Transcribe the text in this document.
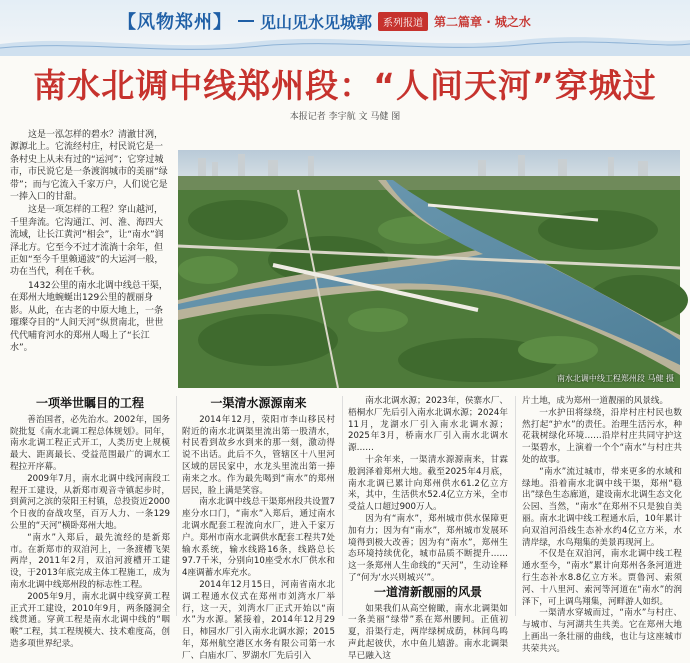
【风物郑州】 见山见水见城郭	系列报道 第二篇章 · 城之水
南水北调中线郑州段：“人间天河”穿城过
本报记者 李宇航 文 马健 图

这是一泓怎样的碧水？清澈甘冽，源源北上。它流经村庄，村民说它是一条村史上从未有过的“运河”；它穿过城市，市民说它是一条渡润城市的美丽“绿带”；而与它流入千家万户，人们说它是一捧入口的甘甜。

这是一项怎样的工程？穿山越河，千里奔流。它沟通江、河、淮、海四大流域，让长江黄河“相会”，让“南水”润泽北方。它至今不过才流淌十余年，但正如“至今千里赖通波”的大运河一般，功在当代，利在千秋。

1432公里的南水北调中线总干渠，在郑州大地蜿蜒出129公里的靓丽身影。从此，在古老的中原大地上，一条璀璨夺目的“人间天河”纵贯南北，世世代代哺育河水的郑州人喝上了“长江水”。

南水北调中线工程郑州段 马健 摄
一项举世瞩目的工程

善治国者，必先治水。2002年，国务院批复《南水北调工程总体规划》。同年，南水北调工程正式开工，人类历史上规模最大、距离最长、受益范围最广的调水工程拉开序幕。

2009年7月，南水北调中线河南段工程开工建设，从新郑市观音寺镇起步时，到黄河之滨的荥阳王村镇，总投资近2000个日夜的奋战攻坚，百万人力、一条129公里的“天河”横卧郑州大地。

“南水”入郑后，最先流经的是新郑市。在新郑市的双洎河上，一条渡槽飞架两岸，2011年2月，双洎河渡槽开工建设，于2013年底完成主体工程施工，成为南水北调中线郑州段的标志性工程。

2005年9月，南水北调中线穿黄工程正式开工建设，2010年9月，两条隧洞全线贯通。穿黄工程是南水北调中线的“咽喉”工程，其工程规模大、技术难度高，创造多项世界纪录。

一渠清水源源南来

2014年12月，荥阳市李山移民村附近的南水北调渠里流出第一股清水，村民看到故乡水到来的那一刻，激动得说不出话。此后不久，管辖区十八里河区域的居民家中，水龙头里流出第一捧南来之水。作为最先喝到“南水”的郑州居民，脸上满是笑容。

南水北调中线总干渠郑州段共设置7座分水口门，“南水”入郑后，通过南水北调水配套工程流向水厂，进入千家万户。郑州市南水北调供水配套工程共7处输水系统，输水线路16条，线路总长97.7千米，分别向10座受水水厂供水和4座调蓄水库充水。

2014年12月15日，河南省南水北调工程通水仪式在郑州市刘湾水厂举行，这一天，刘湾水厂正式开始以“南水”为水源。紧接着，2014年12月29日，柿园水厂引入南水北调水源；2015年，郑州航空港区水务有限公司第一水厂、白庙水厂、罗湖水厂先后引入

南水北调水源；2023年，侯寨水厂、梧桐水厂先后引入南水北调水源；2024年11月，龙湖水厂引入南水北调水源；2025年3月，桥南水厂引入南水北调水源……

十余年来，一渠清水源源南来，甘霖般润泽着郑州大地。截至2025年4月底，南水北调已累计向郑州供水61.2亿立方米，其中，生活供水52.4亿立方米，全市受益人口超过900万人。

因为有“南水”，郑州城市供水保障更加有力；因为有“南水”，郑州城市发展环境得到极大改善；因为有“南水”，郑州生态环境持续优化，城市品质不断提升……这一条郑州人生命线的“天河”，生动诠释了“何为‘水兴则城兴’”。

一道清新靓丽的风景

如果我们从高空俯瞰，南水北调渠如一条美丽“绿带”系在郑州腰间。正值初夏，沿渠行走，两岸绿树成荫，林间鸟鸣声此起彼伏，水中鱼儿嬉游。南水北调渠早已融入这

片土地，成为郑州一道靓丽的风景线。

一水护田将绿绕，沿岸村庄村民也数然打起“护水”的责任。治理生活污水，种花栽树绿化环境……沿岸村庄共同守护这一渠碧水，上演着一个个“南水”与村庄共处的故事。

“南水”流过城市，带来更多的水域和绿地。沿着南水北调中线干渠，郑州“稳出”绿色生态廊道，建设南水北调生态文化公园、当然，“南水”在郑州不只是独自美丽。南水北调中线工程通水后，10年累计向双洎河沿线生态补水约4亿立方米，水清岸绿，水鸟翔集的美景再现河上。

不仅是在双洎河，南水北调中线工程通水至今，“南水”累计向郑州各条河道进行生态补水8.8亿立方米。贾鲁河、索须河、十八里河、索河等河道在“南水”的润泽下，可上调鸟翔集，河畔游人如织。

一渠清水穿城而过，“南水”与村庄、与城市、与河湖共生共美。它在郑州大地上画出一条壮丽的曲线，也让与这座城市共荣共兴。
